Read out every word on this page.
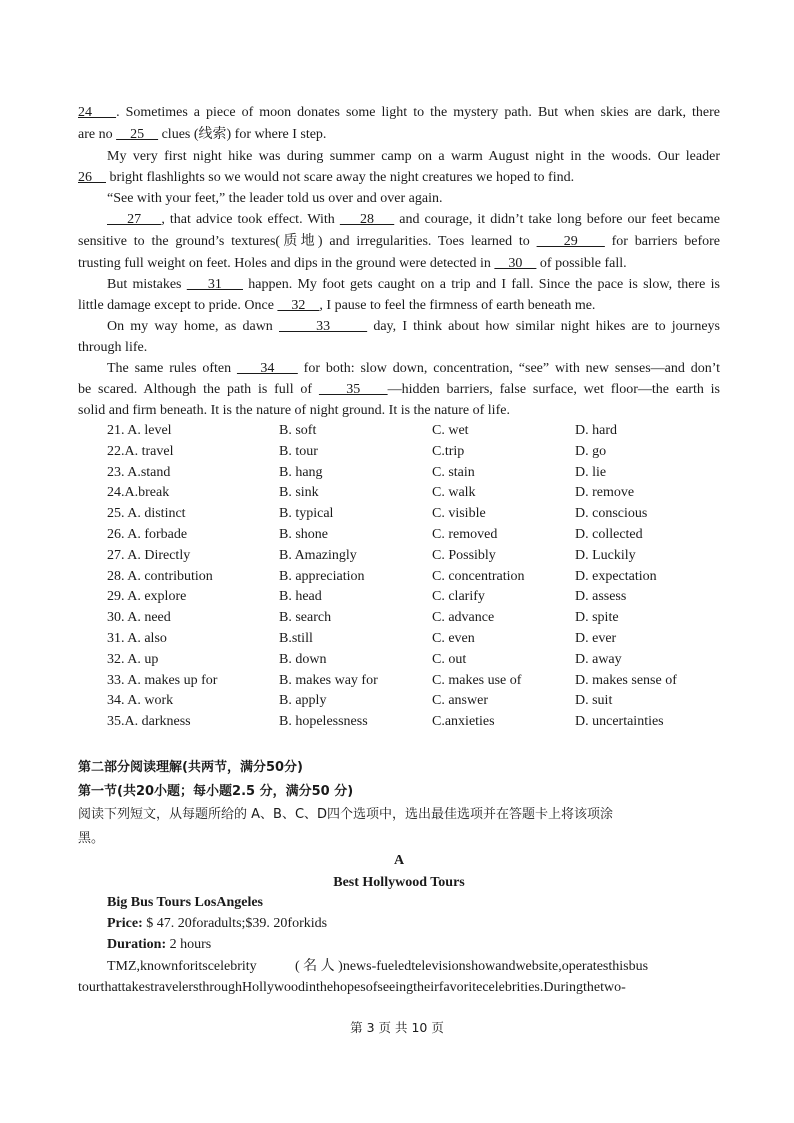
24    . Sometimes a piece of moon donates some light to the mystery path. But when skies are dark, there

are no     25     clues (线索) for where I step.

My very first night hike was during summer camp on a warm August night in the woods. Our leader

26     bright flashlights so we would not scare away the night creatures we hoped to find.

“See with your feet,” the leader told us over and over again.

27    , that advice took effect. With     28     and courage, it didn’t take long before our feet became

sensitive to the ground’s textures(质地) and irregularities. Toes learned to     29     for barriers before

trusting full weight on feet. Holes and dips in the ground were detected in     30     of possible fall.

But mistakes     31     happen. My foot gets caught on a trip and I fall. Since the pace is slow, there is

little damage except to pride. Once     32    , I pause to feel the firmness of earth beneath me.

On my way home, as dawn       33       day, I think about how similar night hikes are to journeys

through life.

The same rules often     34     for both: slow down, concentration, “see” with new senses—and don’t

be scared. Although the path is full of     35    —hidden barriers, false surface, wet floor—the earth is

solid and firm beneath. It is the nature of night ground. It is the nature of life.

21. A. level	B. soft	C. wet	D. hard
22.A. travel	B. tour	C.trip	D. go
23. A.stand	B. hang	C. stain	D. lie
24.A.break	B. sink	C. walk	D. remove
25. A. distinct	B. typical	C. visible	D. conscious
26. A. forbade	B. shone	C. removed	D. collected
27. A. Directly	B. Amazingly	C. Possibly	D. Luckily
28. A. contribution	B. appreciation	C. concentration	D. expectation
29. A. explore	B. head	C. clarify	D. assess
30. A. need	B. search	C. advance	D. spite
31. A. also	B.still	C. even	D. ever
32. A. up	B. down	C. out	D. away
33. A. makes up for	B. makes way for	C. makes use of	D. makes sense of
34. A. work	B. apply	C. answer	D. suit
35.A. darkness	B. hopelessness	C.anxieties	D. uncertainties

第二部分阅读理解(共两节，满分50分)

第一节(共20小题；每小题2.5 分，满分50 分)

阅读下列短文，从每题所给的 A、B、C、D四个选项中，选出最佳选项并在答题卡上将该项涂

黑。

A
Best Hollywood Tours

Big Bus Tours LosAngeles

Price: $ 47. 20foradults;$39. 20forkids

Duration: 2 hours

TMZ,knownforitscelebrity	( 名 人 )news-fueledtelevisionshowandwebsite,operatesthisbus

tourthattakestravelersthroughHollywoodinthehopesofseeingtheirfavoritecelebrities.Duringthetwo-

第 3 页 共 10 页
